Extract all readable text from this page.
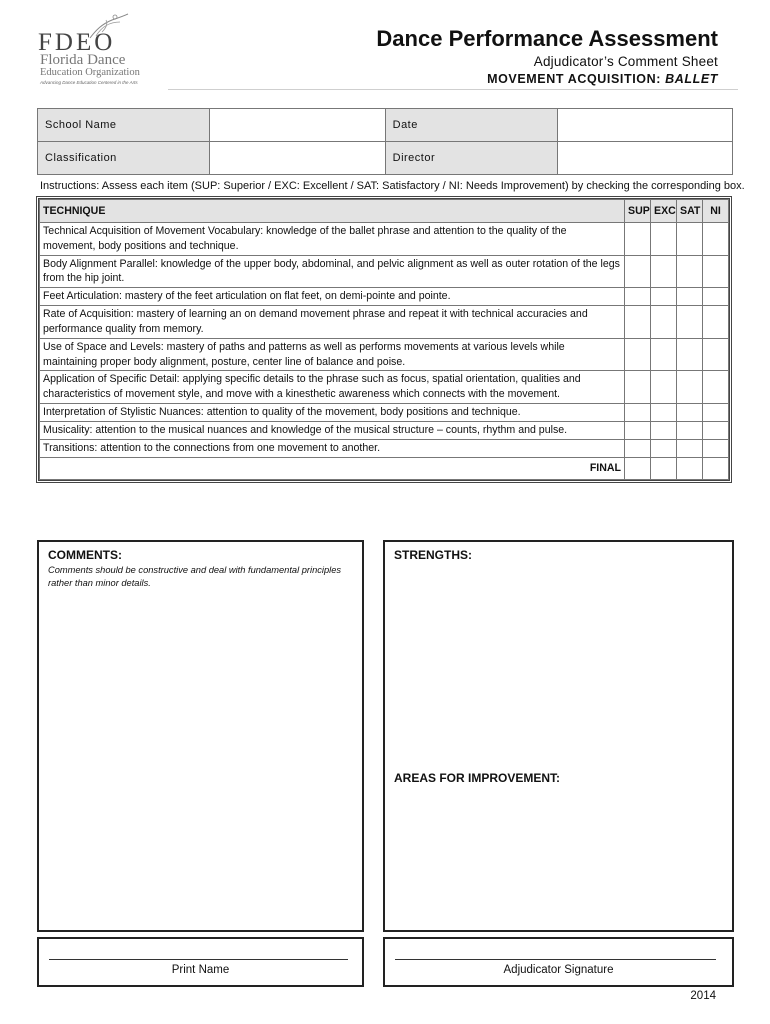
FDEO
Florida Dance
Education Organization
Advancing Dance Education Centered in the Arts
Dance Performance Assessment
Adjudicator’s Comment Sheet
MOVEMENT ACQUISITION: BALLET
School Name		Date	
Classification		Director	
Instructions: Assess each item (SUP: Superior / EXC: Excellent / SAT: Satisfactory / NI: Needs Improvement) by checking the corresponding box.
TECHNIQUE	SUP	EXC	SAT	NI
Technical Acquisition of Movement Vocabulary: knowledge of the ballet phrase and attention to the quality of the movement, body positions and technique.				
Body Alignment Parallel: knowledge of the upper body, abdominal, and pelvic alignment as well as outer rotation of the legs from the hip joint.				
Feet Articulation: mastery of the feet articulation on flat feet, on demi-pointe and pointe.				
Rate of Acquisition: mastery of learning an on demand movement phrase and repeat it with technical accuracies and performance quality from memory.				
Use of Space and Levels: mastery of paths and patterns as well as performs movements at various levels while maintaining proper body alignment, posture, center line of balance and poise.				
Application of Specific Detail: applying specific details to the phrase such as focus, spatial orientation, qualities and characteristics of movement style, and move with a kinesthetic awareness which connects with the movement.				
Interpretation of Stylistic Nuances: attention to quality of the movement, body positions and technique.				
Musicality: attention to the musical nuances and knowledge of the musical structure – counts, rhythm and pulse.				
Transitions: attention to the connections from one movement to another.				
FINAL				
COMMENTS:
Comments should be constructive and deal with fundamental principles rather than minor details.
STRENGTHS:
AREAS FOR IMPROVEMENT:
Print Name	Adjudicator Signature
2014
